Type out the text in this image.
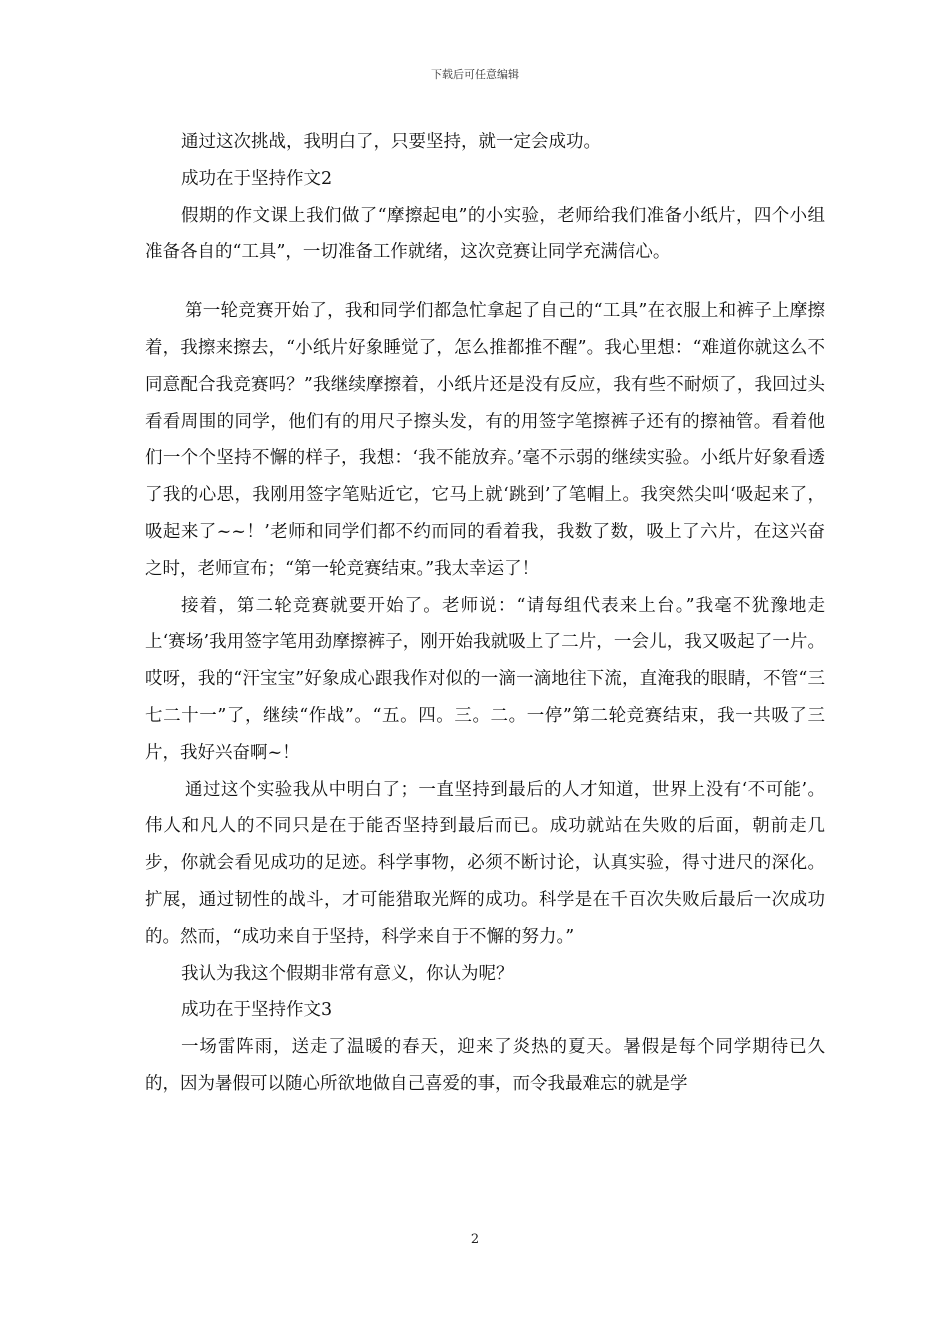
下载后可任意编辑

通过这次挑战，我明白了，只要坚持，就一定会成功。

成功在于坚持作文2

假期的作文课上我们做了“摩擦起电”的小实验，老师给我们准备小纸片，四个小组准备各自的“工具”，一切准备工作就绪，这次竞赛让同学充满信心。

第一轮竞赛开始了，我和同学们都急忙拿起了自己的“工具”在衣服上和裤子上摩擦着，我擦来擦去，“小纸片好象睡觉了，怎么推都推不醒”。我心里想：“难道你就这么不同意配合我竞赛吗？”我继续摩擦着，小纸片还是没有反应，我有些不耐烦了，我回过头看看周围的同学，他们有的用尺子擦头发，有的用签字笔擦裤子还有的擦袖管。看着他们一个个坚持不懈的样子，我想：‘我不能放弃。’毫不示弱的继续实验。小纸片好象看透了我的心思，我刚用签字笔贴近它，它马上就‘跳到’了笔帽上。我突然尖叫‘吸起来了，吸起来了~~！’老师和同学们都不约而同的看着我，我数了数，吸上了六片，在这兴奋之时，老师宣布；“第一轮竞赛结束。”我太幸运了！

接着，第二轮竞赛就要开始了。老师说：“请每组代表来上台。”我毫不犹豫地走上‘赛场’我用签字笔用劲摩擦裤子，刚开始我就吸上了二片，一会儿，我又吸起了一片。哎呀，我的“汗宝宝”好象成心跟我作对似的一滴一滴地往下流，直淹我的眼睛，不管“三七二十一”了，继续“作战”。“五。四。三。二。一停”第二轮竞赛结束，我一共吸了三片，我好兴奋啊~！

通过这个实验我从中明白了；一直坚持到最后的人才知道，世界上没有‘不可能’。伟人和凡人的不同只是在于能否坚持到最后而已。成功就站在失败的后面，朝前走几步，你就会看见成功的足迹。科学事物，必须不断讨论，认真实验，得寸进尺的深化。扩展，通过韧性的战斗，才可能猎取光辉的成功。科学是在千百次失败后最后一次成功的。然而，“成功来自于坚持，科学来自于不懈的努力。”

我认为我这个假期非常有意义，你认为呢？

成功在于坚持作文3

一场雷阵雨，送走了温暖的春天，迎来了炎热的夏天。暑假是每个同学期待已久的，因为暑假可以随心所欲地做自己喜爱的事，而令我最难忘的就是学

2
